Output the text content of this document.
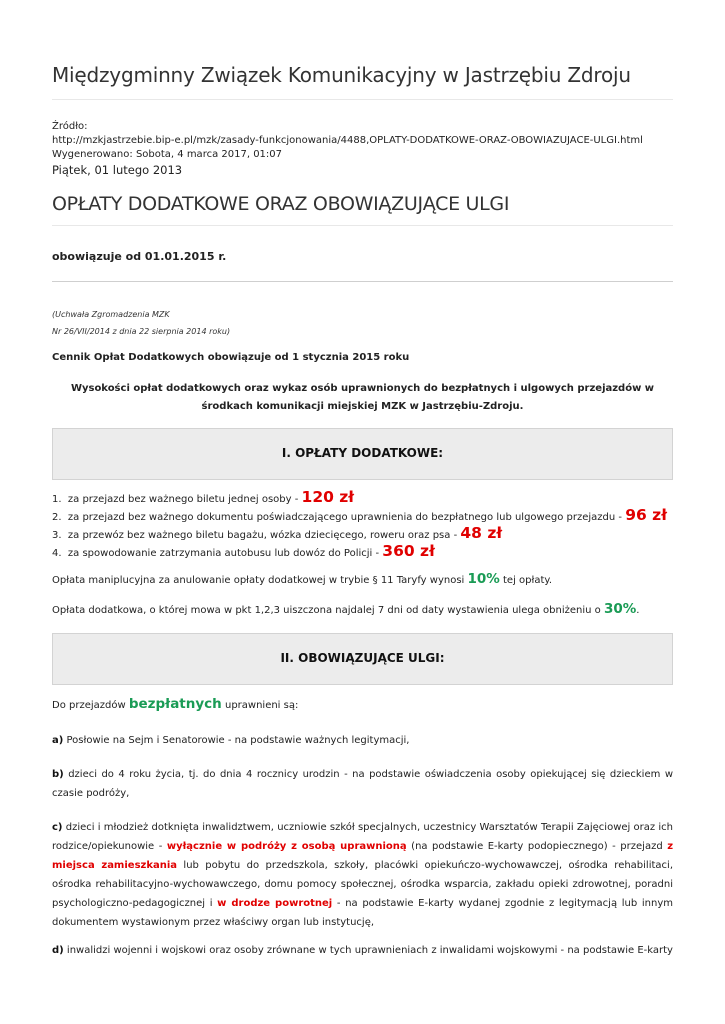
Międzygminny Związek Komunikacyjny w Jastrzębiu Zdroju
Źródło:
http://mzkjastrzebie.bip-e.pl/mzk/zasady-funkcjonowania/4488,OPLATY-DODATKOWE-ORAZ-OBOWIAZUJACE-ULGI.html
Wygenerowano: Sobota, 4 marca 2017, 01:07
Piątek, 01 lutego 2013
OPŁATY DODATKOWE ORAZ OBOWIĄZUJĄCE ULGI
obowiązuje od 01.01.2015 r.
(Uchwała Zgromadzenia MZK
Nr 26/VII/2014 z dnia 22 sierpnia 2014 roku)
Cennik Opłat Dodatkowych obowiązuje od 1 stycznia 2015 roku
Wysokości opłat dodatkowych oraz wykaz osób uprawnionych do bezpłatnych i ulgowych przejazdów w
środkach komunikacji miejskiej MZK w Jastrzębiu-Zdroju.
I. OPŁATY DODATKOWE:
1. za przejazd bez ważnego biletu jednej osoby - 120 zł
2. za przejazd bez ważnego dokumentu poświadczającego uprawnienia do bezpłatnego lub ulgowego przejazdu - 96 zł
3. za przewóz bez ważnego biletu bagażu, wózka dziecięcego, roweru oraz psa - 48 zł
4. za spowodowanie zatrzymania autobusu lub dowóz do Policji - 360 zł
Opłata maniplucyjna za anulowanie opłaty dodatkowej w trybie § 11 Taryfy wynosi 10% tej opłaty.
Opłata dodatkowa, o której mowa w pkt 1,2,3 uiszczona najdalej 7 dni od daty wystawienia ulega obniżeniu o 30%.
II. OBOWIĄZUJĄCE ULGI:
Do przejazdów bezpłatnych uprawnieni są:
a) Posłowie na Sejm i Senatorowie - na podstawie ważnych legitymacji,
b) dzieci do 4 roku życia, tj. do dnia 4 rocznicy urodzin - na podstawie oświadczenia osoby opiekującej się dzieckiem w czasie podróży,
c) dzieci i młodzież dotknięta inwalidztwem, uczniowie szkół specjalnych, uczestnicy Warsztatów Terapii Zajęciowej oraz ich rodzice/opiekunowie - wyłącznie w podróży z osobą uprawnioną (na podstawie E-karty podopiecznego) - przejazd z miejsca zamieszkania lub pobytu do przedszkola, szkoły, placówki opiekuńczo-wychowawczej, ośrodka rehabilitaci, ośrodka rehabilitacyjno-wychowawczego, domu pomocy społecznej, ośrodka wsparcia, zakładu opieki zdrowotnej, poradni psychologiczno-pedagogicznej i w drodze powrotnej - na podstawie E-karty wydanej zgodnie z legitymacją lub innym dokumentem wystawionym przez właściwy organ lub instytucję,
d) inwalidzi wojenni i wojskowi oraz osoby zrównane w tych uprawnieniach z inwalidami wojskowymi - na podstawie E-karty
